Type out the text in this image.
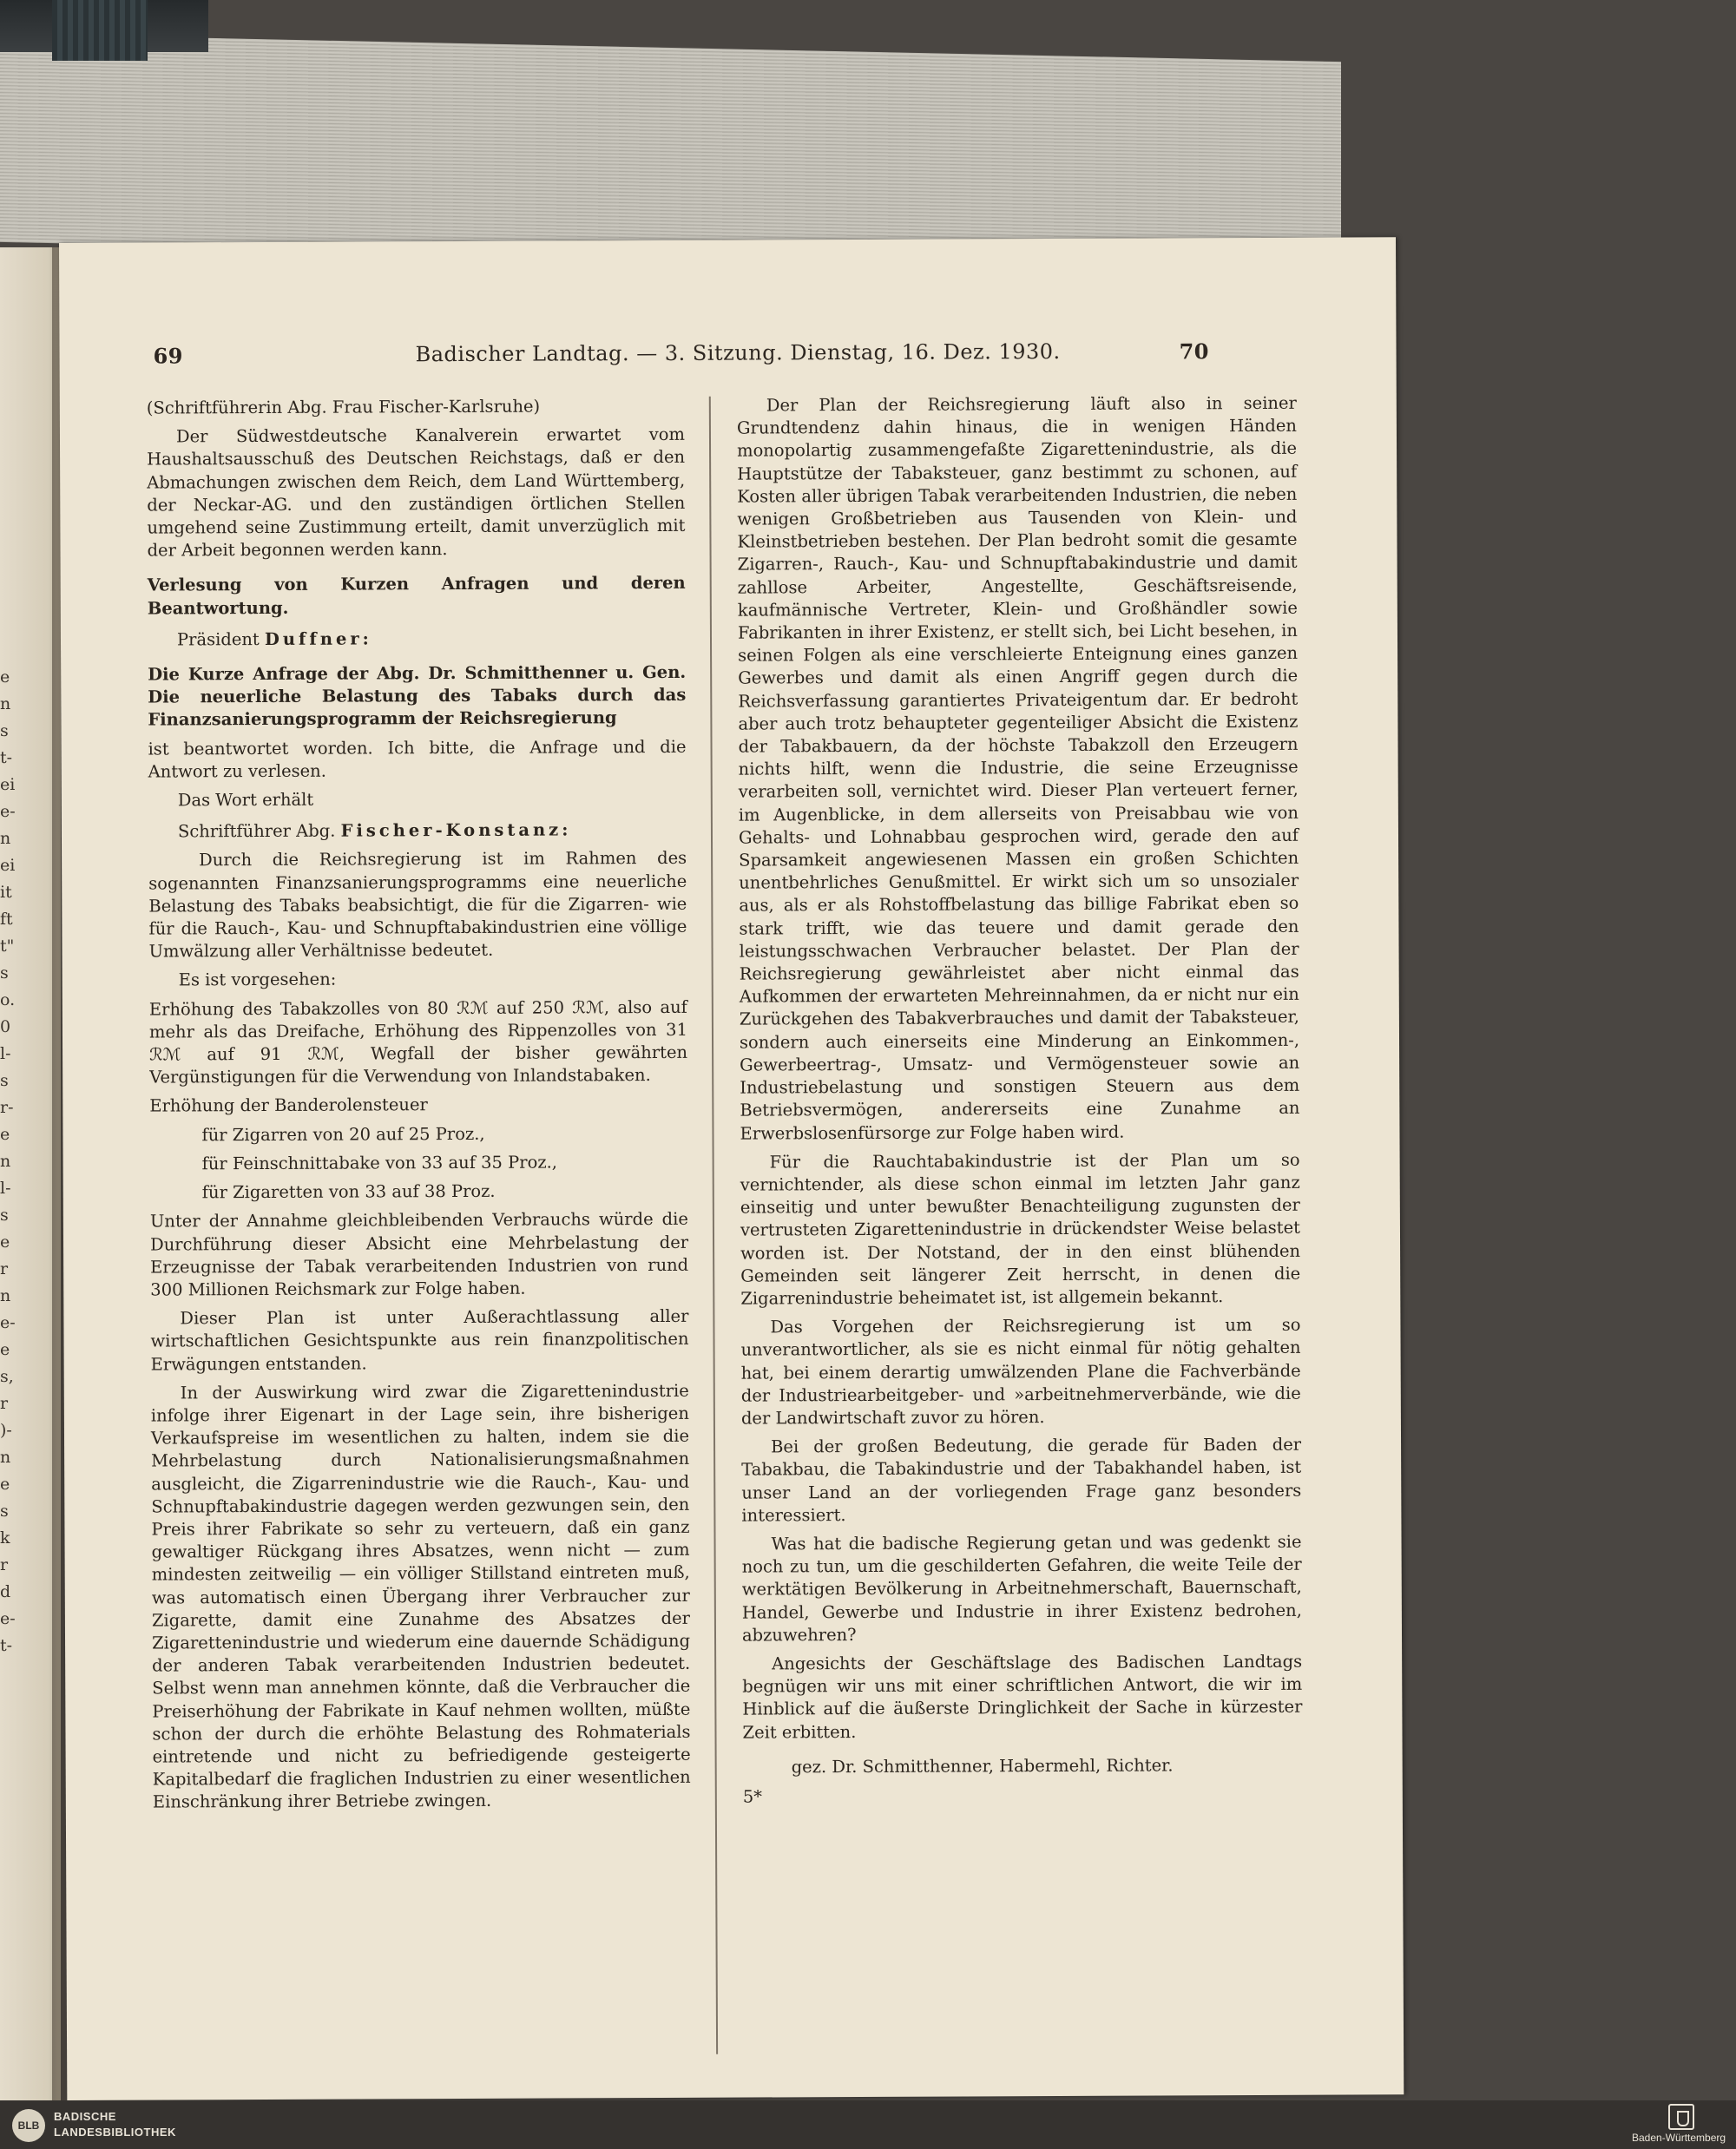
e
n
s
t-
ei
e-
n
ei
it
ft
t"
s
o.
0
l-
s
r-
e
n
l-
s
e
r
n
e-
e
s,
r
)-
n
e
s
k
r
d
e-
t-
69	Badischer Landtag. — 3. Sitzung. Dienstag, 16. Dez. 1930.	70

(Schriftführerin Abg. Frau Fischer-Karlsruhe)

Der Südwestdeutsche Kanalverein erwartet vom Haushaltsausschuß des Deutschen Reichstags, daß er den Abmachungen zwischen dem Reich, dem Land Württemberg, der Neckar-AG. und den zuständigen örtlichen Stellen umgehend seine Zustimmung erteilt, damit unverzüglich mit der Arbeit begonnen werden kann.

Verlesung von Kurzen Anfragen und deren Beantwortung.

Präsident Duffner:

Die Kurze Anfrage der Abg. Dr. Schmitthenner u. Gen. Die neuerliche Belastung des Tabaks durch das Finanzsanierungsprogramm der Reichsregierung

ist beantwortet worden. Ich bitte, die Anfrage und die Antwort zu verlesen.

Das Wort erhält

Schriftführer Abg. Fischer-Konstanz:

Durch die Reichsregierung ist im Rahmen des sogenannten Finanzsanierungsprogramms eine neuerliche Belastung des Tabaks beabsichtigt, die für die Zigarren- wie für die Rauch-, Kau- und Schnupftabakindustrien eine völlige Umwälzung aller Verhältnisse bedeutet.

Es ist vorgesehen:

Erhöhung des Tabakzolles von 80 ℛℳ auf 250 ℛℳ, also auf mehr als das Dreifache, Erhöhung des Rippenzolles von 31 ℛℳ auf 91 ℛℳ, Wegfall der bisher gewährten Vergünstigungen für die Verwendung von Inlandstabaken.

Erhöhung der Banderolensteuer

für Zigarren von 20 auf 25 Proz.,

für Feinschnittabake von 33 auf 35 Proz.,

für Zigaretten von 33 auf 38 Proz.

Unter der Annahme gleichbleibenden Verbrauchs würde die Durchführung dieser Absicht eine Mehrbelastung der Erzeugnisse der Tabak verarbeitenden Industrien von rund 300 Millionen Reichsmark zur Folge haben.

Dieser Plan ist unter Außerachtlassung aller wirtschaftlichen Gesichtspunkte aus rein finanzpolitischen Erwägungen entstanden.

In der Auswirkung wird zwar die Zigarettenindustrie infolge ihrer Eigenart in der Lage sein, ihre bisherigen Verkaufspreise im wesentlichen zu halten, indem sie die Mehrbelastung durch Nationalisierungsmaßnahmen ausgleicht, die Zigarrenindustrie wie die Rauch-, Kau- und Schnupftabakindustrie dagegen werden gezwungen sein, den Preis ihrer Fabrikate so sehr zu verteuern, daß ein ganz gewaltiger Rückgang ihres Absatzes, wenn nicht — zum mindesten zeitweilig — ein völliger Stillstand eintreten muß, was automatisch einen Übergang ihrer Verbraucher zur Zigarette, damit eine Zunahme des Absatzes der Zigarettenindustrie und wiederum eine dauernde Schädigung der anderen Tabak verarbeitenden Industrien bedeutet. Selbst wenn man annehmen könnte, daß die Verbraucher die Preiserhöhung der Fabrikate in Kauf nehmen wollten, müßte schon der durch die erhöhte Belastung des Rohmaterials eintretende und nicht zu befriedigende gesteigerte Kapitalbedarf die fraglichen Industrien zu einer wesentlichen Einschränkung ihrer Betriebe zwingen.

Der Plan der Reichsregierung läuft also in seiner Grundtendenz dahin hinaus, die in wenigen Händen monopolartig zusammengefaßte Zigarettenindustrie, als die Hauptstütze der Tabaksteuer, ganz bestimmt zu schonen, auf Kosten aller übrigen Tabak verarbeitenden Industrien, die neben wenigen Großbetrieben aus Tausenden von Klein- und Kleinstbetrieben bestehen. Der Plan bedroht somit die gesamte Zigarren-, Rauch-, Kau- und Schnupftabakindustrie und damit zahllose Arbeiter, Angestellte, Geschäftsreisende, kaufmännische Vertreter, Klein- und Großhändler sowie Fabrikanten in ihrer Existenz, er stellt sich, bei Licht besehen, in seinen Folgen als eine verschleierte Enteignung eines ganzen Gewerbes und damit als einen Angriff gegen durch die Reichsverfassung garantiertes Privateigentum dar. Er bedroht aber auch trotz behaupteter gegenteiliger Absicht die Existenz der Tabakbauern, da der höchste Tabakzoll den Erzeugern nichts hilft, wenn die Industrie, die seine Erzeugnisse verarbeiten soll, vernichtet wird. Dieser Plan verteuert ferner, im Augenblicke, in dem allerseits von Preisabbau wie von Gehalts- und Lohnabbau gesprochen wird, gerade den auf Sparsamkeit angewiesenen Massen ein großen Schichten unentbehrliches Genußmittel. Er wirkt sich um so unsozialer aus, als er als Rohstoffbelastung das billige Fabrikat eben so stark trifft, wie das teuere und damit gerade den leistungsschwachen Verbraucher belastet. Der Plan der Reichsregierung gewährleistet aber nicht einmal das Aufkommen der erwarteten Mehreinnahmen, da er nicht nur ein Zurückgehen des Tabakverbrauches und damit der Tabaksteuer, sondern auch einerseits eine Minderung an Einkommen-, Gewerbeertrag-, Umsatz- und Vermögensteuer sowie an Industriebelastung und sonstigen Steuern aus dem Betriebsvermögen, andererseits eine Zunahme an Erwerbslosenfürsorge zur Folge haben wird.

Für die Rauchtabakindustrie ist der Plan um so vernichtender, als diese schon einmal im letzten Jahr ganz einseitig und unter bewußter Benachteiligung zugunsten der vertrusteten Zigarettenindustrie in drückendster Weise belastet worden ist. Der Notstand, der in den einst blühenden Gemeinden seit längerer Zeit herrscht, in denen die Zigarrenindustrie beheimatet ist, ist allgemein bekannt.

Das Vorgehen der Reichsregierung ist um so unverantwortlicher, als sie es nicht einmal für nötig gehalten hat, bei einem derartig umwälzenden Plane die Fachverbände der Industriearbeitgeber- und »arbeitnehmerverbände, wie die der Landwirtschaft zuvor zu hören.

Bei der großen Bedeutung, die gerade für Baden der Tabakbau, die Tabakindustrie und der Tabakhandel haben, ist unser Land an der vorliegenden Frage ganz besonders interessiert.

Was hat die badische Regierung getan und was gedenkt sie noch zu tun, um die geschilderten Gefahren, die weite Teile der werktätigen Bevölkerung in Arbeitnehmerschaft, Bauernschaft, Handel, Gewerbe und Industrie in ihrer Existenz bedrohen, abzuwehren?

Angesichts der Geschäftslage des Badischen Landtags begnügen wir uns mit einer schriftlichen Antwort, die wir im Hinblick auf die äußerste Dringlichkeit der Sache in kürzester Zeit erbitten.

gez. Dr. Schmitthenner, Habermehl, Richter.

5*

BLB
BADISCHE
LANDESBIBLIOTHEK	Baden-Württemberg
